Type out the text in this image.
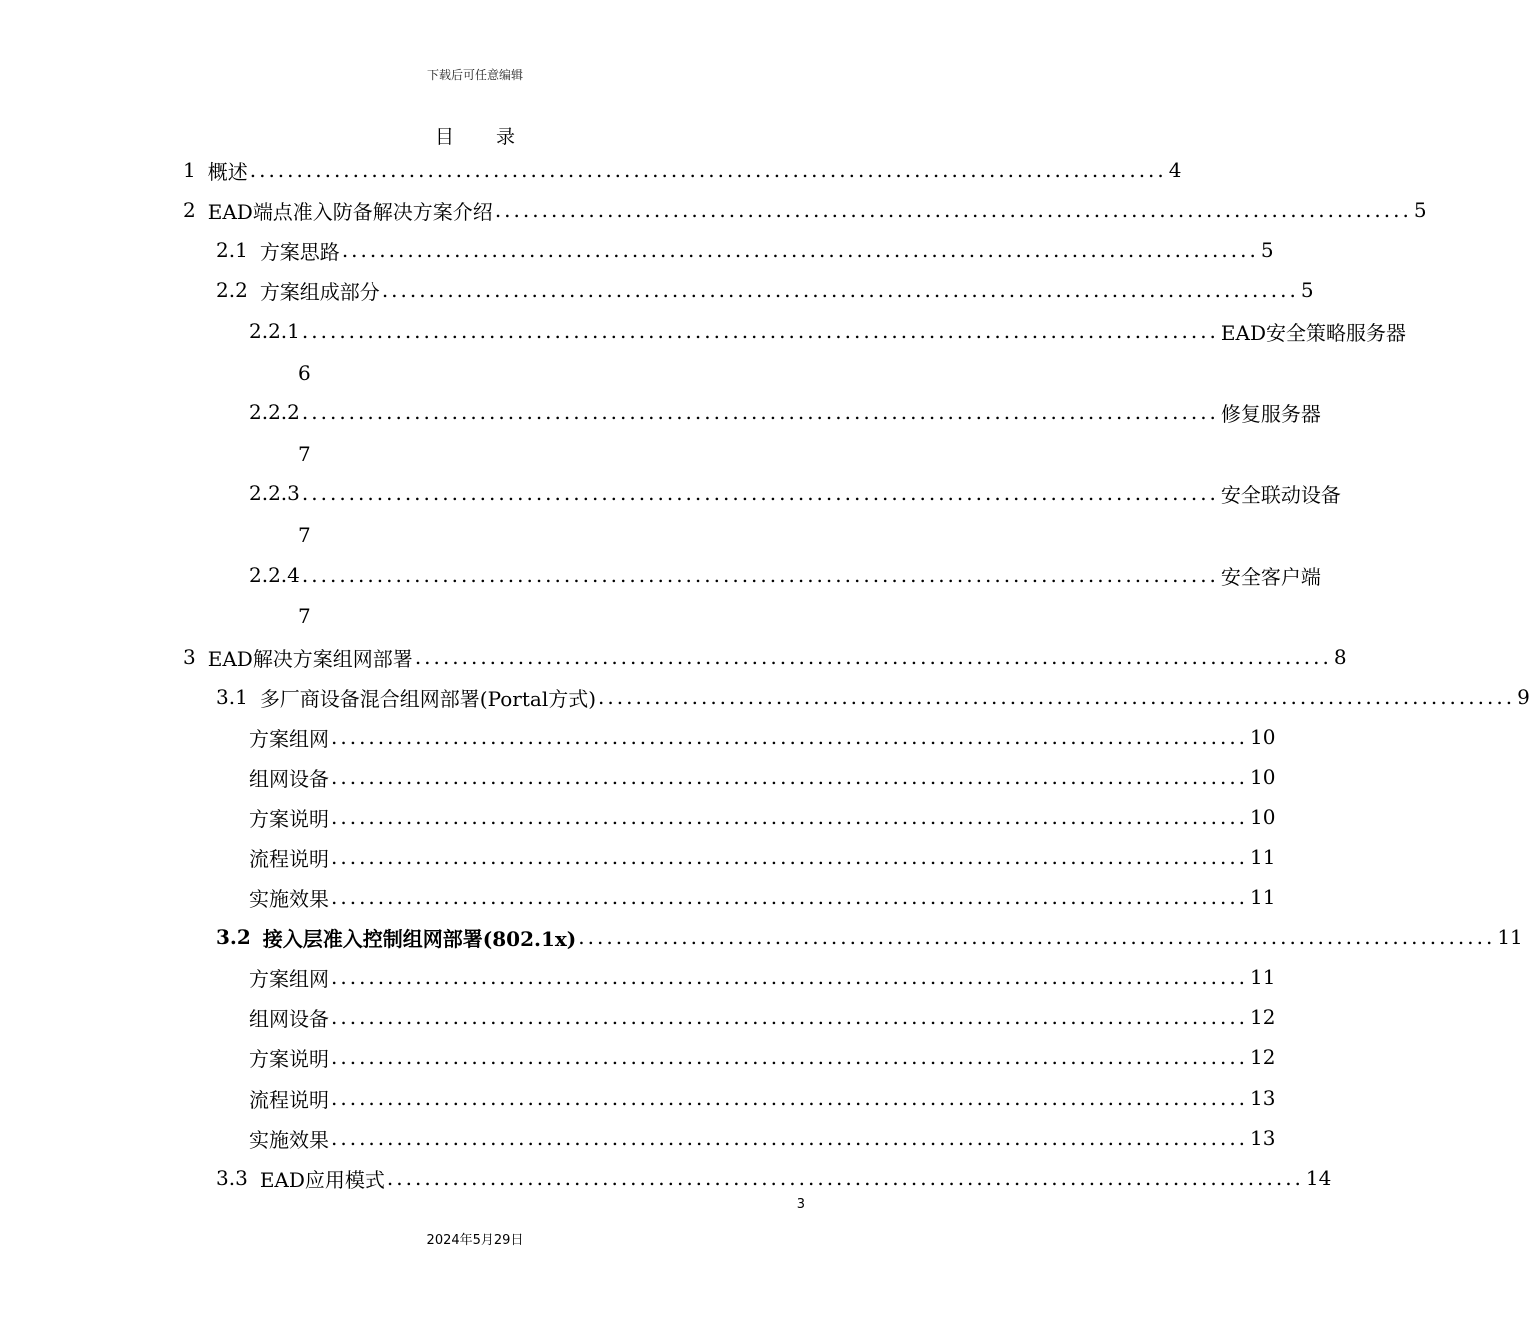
下载后可任意编辑
目 录
1 概述 .................................................................................................. 4
2 EAD端点准入防备解决方案介绍 .................................................................................................. 5
2.1 方案思路 .................................................................................................. 5
2.2 方案组成部分 .................................................................................................. 5
2.2.1 .................................................................................................. EAD安全策略服务器
6
2.2.2 .................................................................................................. 修复服务器
7
2.2.3 .................................................................................................. 安全联动设备
7
2.2.4 .................................................................................................. 安全客户端
7
3 EAD解决方案组网部署 .................................................................................................. 8
3.1 多厂商设备混合组网部署(Portal方式) .................................................................................................. 9
方案组网 .................................................................................................. 10
组网设备 .................................................................................................. 10
方案说明 .................................................................................................. 10
流程说明 .................................................................................................. 11
实施效果 .................................................................................................. 11
3.2 接入层准入控制组网部署(802.1x) .................................................................................................. 11
方案组网 .................................................................................................. 11
组网设备 .................................................................................................. 12
方案说明 .................................................................................................. 12
流程说明 .................................................................................................. 13
实施效果 .................................................................................................. 13
3.3 EAD应用模式 .................................................................................................. 14
3
2024年5月29日
